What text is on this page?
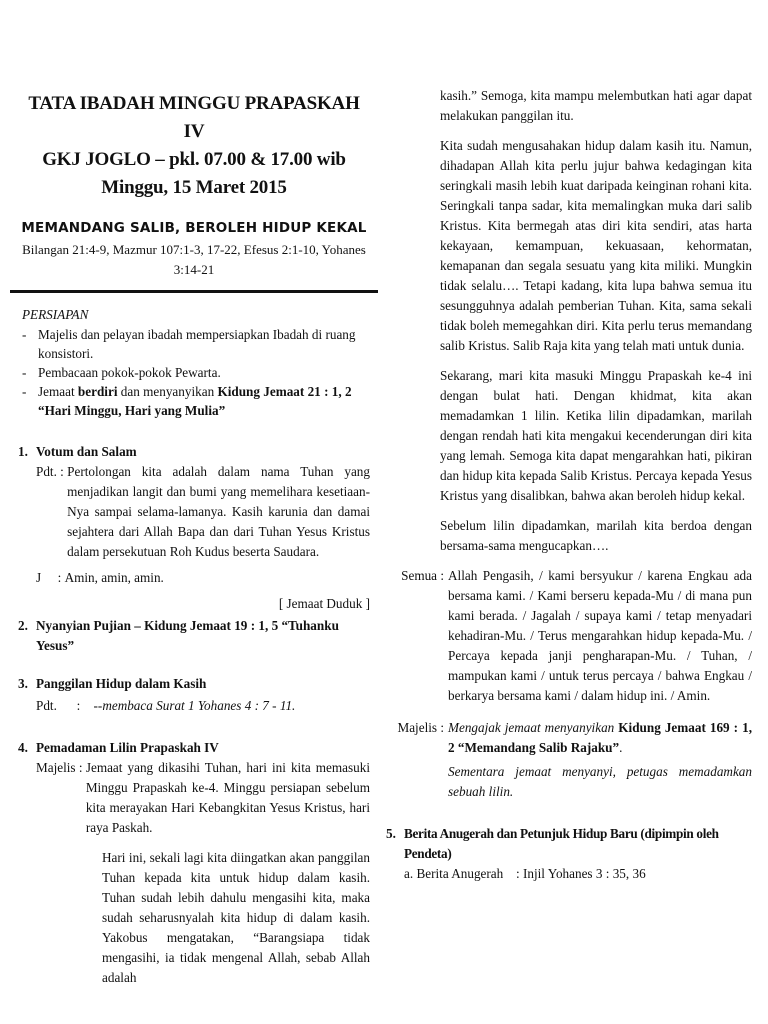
TATA IBADAH MINGGU PRAPASKAH IV
GKJ JOGLO – pkl. 07.00 & 17.00 wib
Minggu, 15 Maret 2015
MEMANDANG SALIB, BEROLEH HIDUP KEKAL
Bilangan 21:4-9, Mazmur 107:1-3, 17-22, Efesus 2:1-10, Yohanes 3:14-21
PERSIAPAN
- Majelis dan pelayan ibadah mempersiapkan Ibadah di ruang konsistori.
- Pembacaan pokok-pokok Pewarta.
- Jemaat berdiri dan menyanyikan Kidung Jemaat 21 : 1, 2 “Hari Minggu, Hari yang Mulia”
1. Votum dan Salam
Pdt. : Pertolongan kita adalah dalam nama Tuhan yang menjadikan langit dan bumi yang memelihara kesetiaan-Nya sampai selama-lamanya. Kasih karunia dan damai sejahtera dari Allah Bapa dan dari Tuhan Yesus Kristus dalam persekutuan Roh Kudus beserta Saudara.
J     : Amin, amin, amin.
[ Jemaat Duduk ]
2. Nyanyian Pujian – Kidung Jemaat 19 : 1, 5 “Tuhanku Yesus”
3. Panggilan Hidup dalam Kasih
Pdt.      : --membaca Surat 1 Yohanes 4 : 7 - 11.
4. Pemadaman Lilin Prapaskah IV
Majelis : Jemaat yang dikasihi Tuhan, hari ini kita memasuki Minggu Prapaskah ke-4. Minggu persiapan sebelum kita merayakan Hari Kebangkitan Yesus Kristus, hari raya Paskah.
Hari ini, sekali lagi kita diingatkan akan panggilan Tuhan kepada kita untuk hidup dalam kasih. Tuhan sudah lebih dahulu mengasihi kita, maka sudah seharusnyalah kita hidup di dalam kasih. Yakobus mengatakan, “Barangsiapa tidak mengasihi, ia tidak mengenal Allah, sebab Allah adalah
kasih.” Semoga, kita mampu melembutkan hati agar dapat melakukan panggilan itu.
Kita sudah mengusahakan hidup dalam kasih itu. Namun, dihadapan Allah kita perlu jujur bahwa kedagingan kita seringkali masih lebih kuat daripada keinginan rohani kita. Seringkali tanpa sadar, kita memalingkan muka dari salib Kristus. Kita bermegah atas diri kita sendiri, atas harta kekayaan, kemampuan, kekuasaan, kehormatan, kemapanan dan segala sesuatu yang kita miliki. Mungkin tidak selalu…. Tetapi kadang, kita lupa bahwa semua itu sesungguhnya adalah pemberian Tuhan. Kita, sama sekali tidak boleh memegahkan diri. Kita perlu terus memandang salib Kristus. Salib Raja kita yang telah mati untuk dunia.
Sekarang, mari kita masuki Minggu Prapaskah ke-4 ini dengan bulat hati. Dengan khidmat, kita akan memadamkan 1 lilin. Ketika lilin dipadamkan, marilah dengan rendah hati kita mengakui kecenderungan diri kita yang lemah. Semoga kita dapat mengarahkan hati, pikiran dan hidup kita kepada Salib Kristus. Percaya kepada Yesus Kristus yang disalibkan, bahwa akan beroleh hidup kekal.
Sebelum lilin dipadamkan, marilah kita berdoa dengan bersama-sama mengucapkan….
Semua : Allah Pengasih, / kami bersyukur / karena Engkau ada bersama kami. / Kami berseru kepada-Mu / di mana pun kami berada. / Jagalah / supaya kami / tetap menyadari kehadiran-Mu. / Terus mengarahkan hidup kepada-Mu. / Percaya kepada janji pengharapan-Mu. / Tuhan, / mampukan kami / untuk terus percaya / bahwa Engkau / berkarya bersama kami / dalam hidup ini. / Amin.
Majelis : Mengajak jemaat menyanyikan Kidung Jemaat 169 : 1, 2 “Memandang Salib Rajaku”.
Sementara jemaat menyanyi, petugas memadamkan sebuah lilin.
5. Berita Anugerah dan Petunjuk Hidup Baru (dipimpin oleh Pendeta)
a. Berita Anugerah : Injil Yohanes 3 : 35, 36
